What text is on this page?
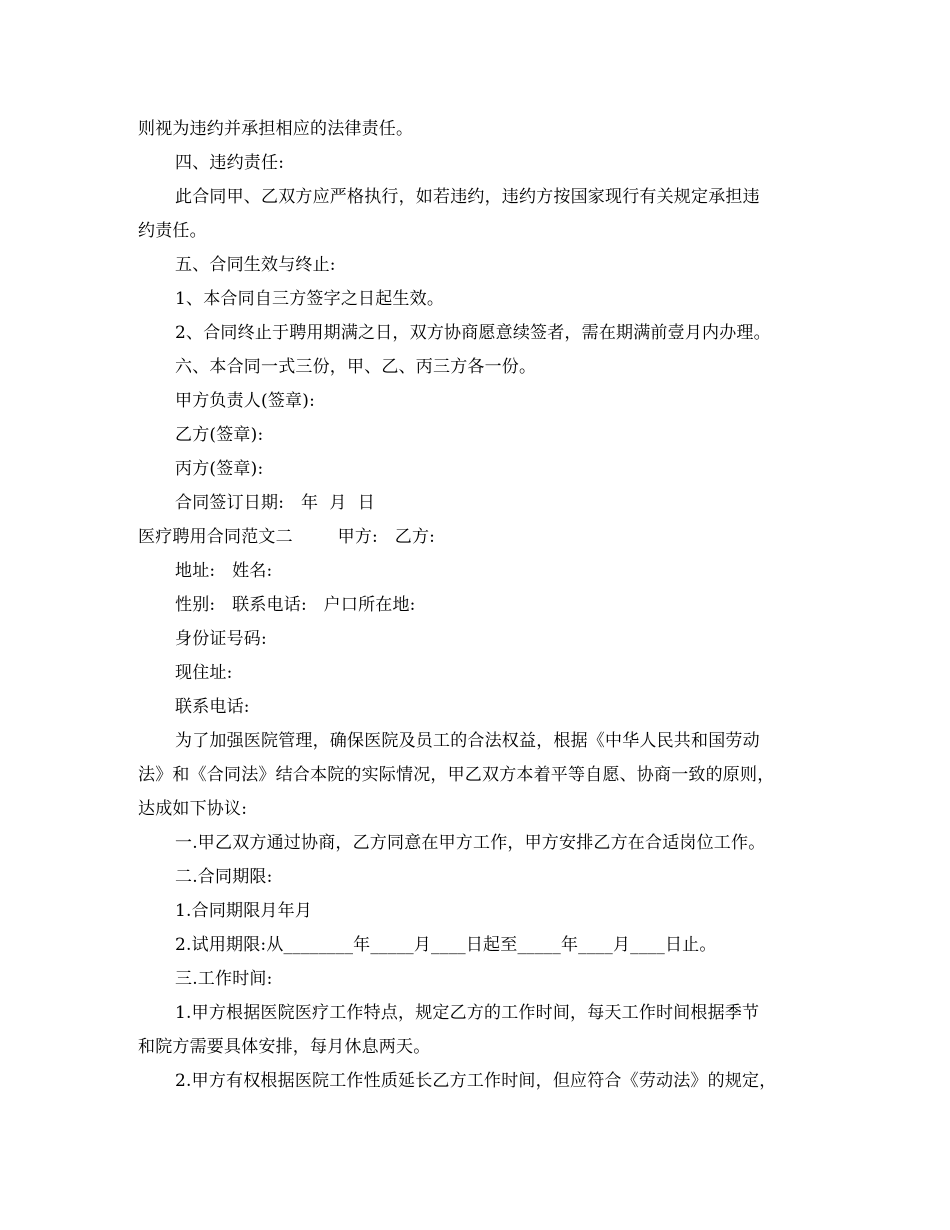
则视为违约并承担相应的法律责任。
四、违约责任:
此合同甲、乙双方应严格执行，如若违约，违约方按国家现行有关规定承担违
约责任。
五、合同生效与终止:
1、本合同自三方签字之日起生效。
2、合同终止于聘用期满之日，双方协商愿意续签者，需在期满前壹月内办理。
六、本合同一式三份，甲、乙、丙三方各一份。
甲方负责人(签章):
乙方(签章):
丙方(签章):
合同签订日期:   年  月  日
医疗聘用合同范文二        甲方:   乙方:
地址:   姓名:
性别:   联系电话:   户口所在地:
身份证号码:
现住址:
联系电话:
为了加强医院管理，确保医院及员工的合法权益，根据《中华人民共和国劳动
法》和《合同法》结合本院的实际情况，甲乙双方本着平等自愿、协商一致的原则，
达成如下协议:
一.甲乙双方通过协商，乙方同意在甲方工作，甲方安排乙方在合适岗位工作。
二.合同期限:
1.合同期限月年月
2.试用期限:从________年_____月____日起至_____年____月____日止。
三.工作时间:
1.甲方根据医院医疗工作特点，规定乙方的工作时间，每天工作时间根据季节
和院方需要具体安排，每月休息两天。
2.甲方有权根据医院工作性质延长乙方工作时间，但应符合《劳动法》的规定，
